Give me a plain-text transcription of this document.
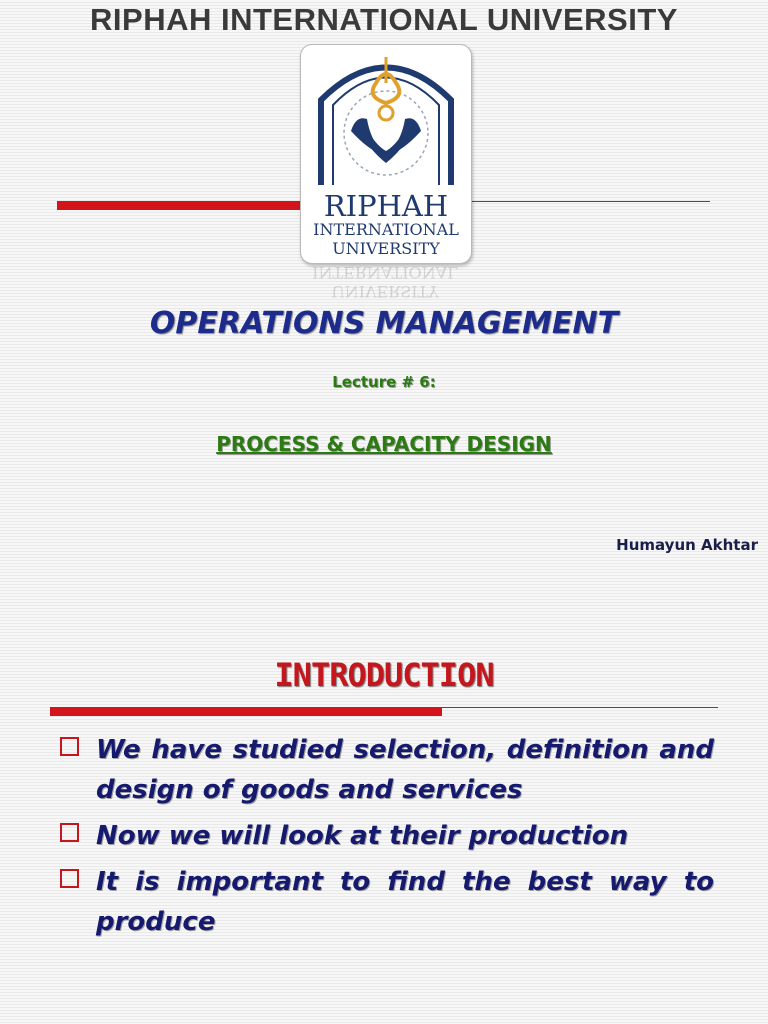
RIPHAH INTERNATIONAL UNIVERSITY
RIPHAH
INTERNATIONAL
UNIVERSITY
UNIVERSITY
INTERNATIONAL
OPERATIONS MANAGEMENT
Lecture # 6:
PROCESS & CAPACITY DESIGN
Humayun Akhtar
INTRODUCTION
We have studied selection, definition and design of goods and services
Now we will look at their production
It is important to find the best way to produce
